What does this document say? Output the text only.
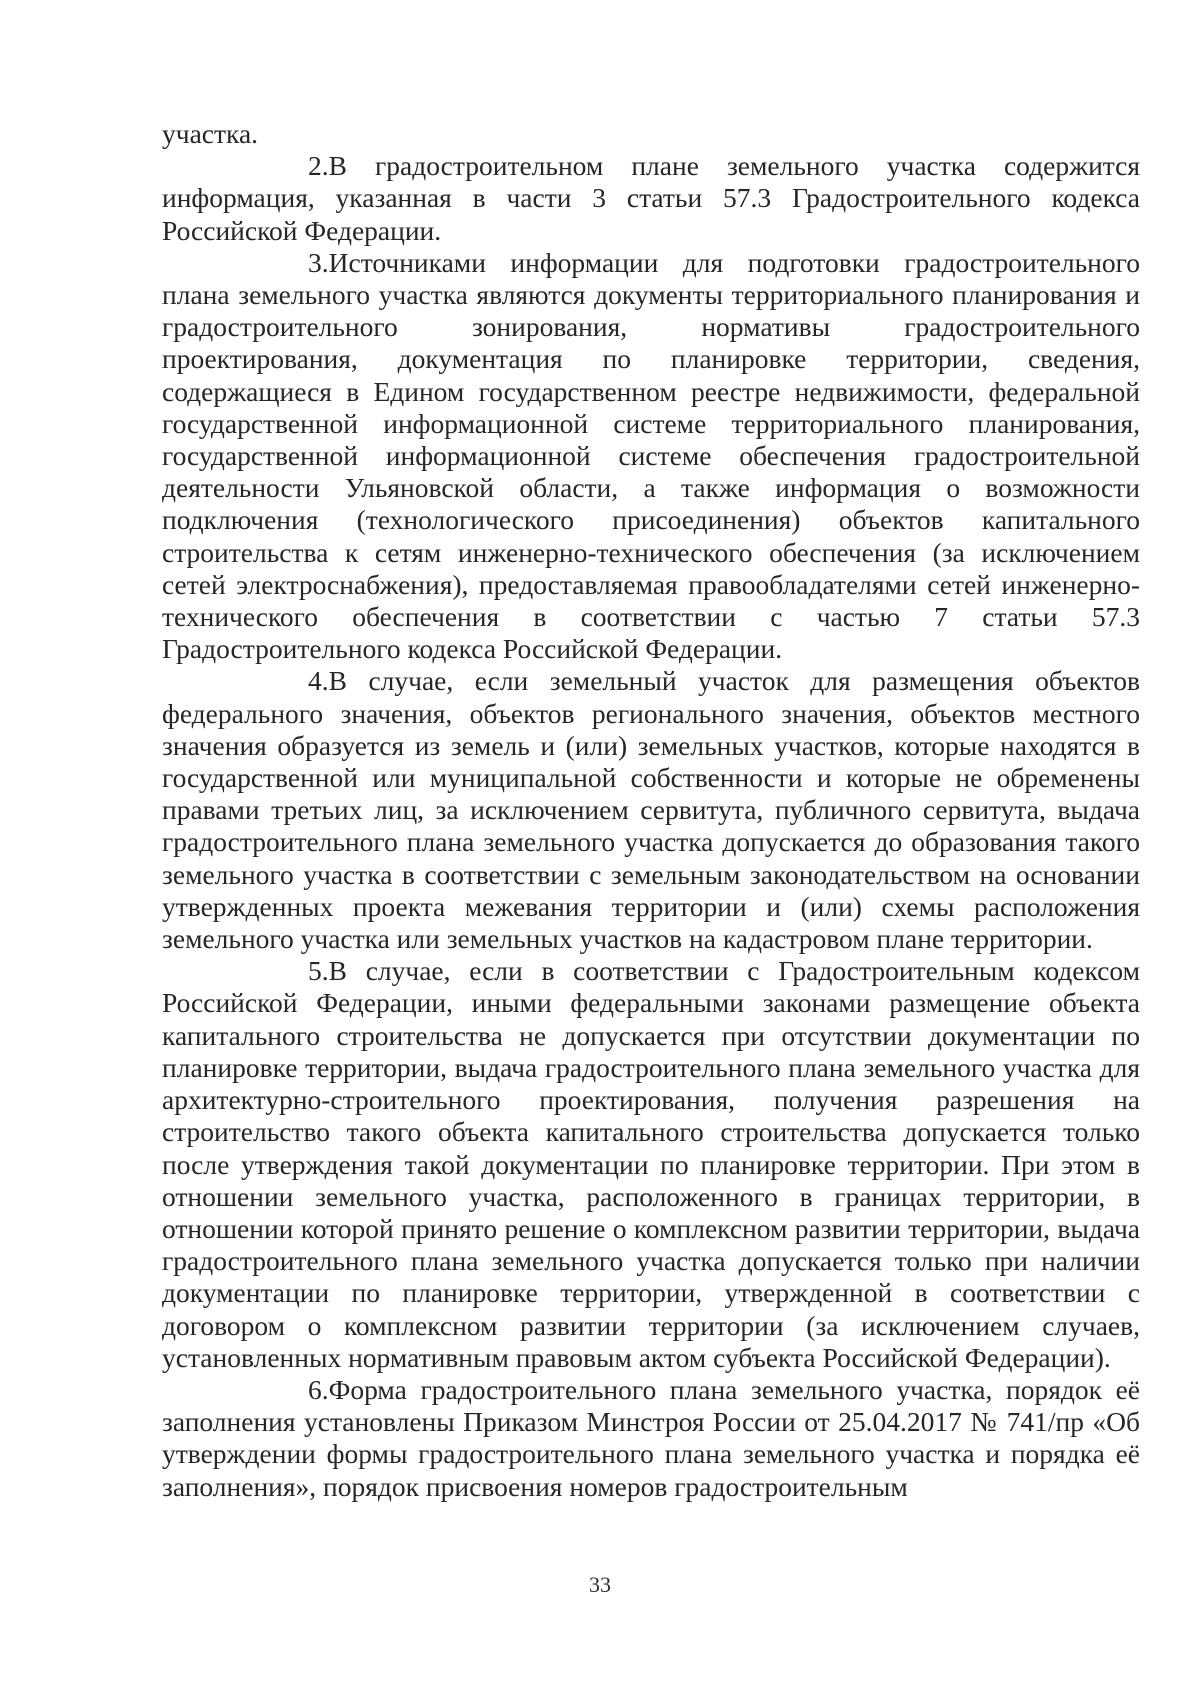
участка.

2.В градостроительном плане земельного участка содержится информация, указанная в части 3 статьи 57.3 Градостроительного кодекса Российской Федерации.

3.Источниками информации для подготовки градостроительного плана земельного участка являются документы территориального планирования и градостроительного зонирования, нормативы градостроительного проектирования, документация по планировке территории, сведения, содержащиеся в Едином государственном реестре недвижимости, федеральной государственной информационной системе территориального планирования, государственной информационной системе обеспечения градостроительной деятельности Ульяновской области, а также информация о возможности подключения (технологического присоединения) объектов капитального строительства к сетям инженерно-технического обеспечения (за исключением сетей электроснабжения), предоставляемая правообладателями сетей инженерно-технического обеспечения в соответствии с частью 7 статьи 57.3 Градостроительного кодекса Российской Федерации.

4.В случае, если земельный участок для размещения объектов федерального значения, объектов регионального значения, объектов местного значения образуется из земель и (или) земельных участков, которые находятся в государственной или муниципальной собственности и которые не обременены правами третьих лиц, за исключением сервитута, публичного сервитута, выдача градостроительного плана земельного участка допускается до образования такого земельного участка в соответствии с земельным законодательством на основании утвержденных проекта межевания территории и (или) схемы расположения земельного участка или земельных участков на кадастровом плане территории.

5.В случае, если в соответствии с Градостроительным кодексом Российской Федерации, иными федеральными законами размещение объекта капитального строительства не допускается при отсутствии документации по планировке территории, выдача градостроительного плана земельного участка для архитектурно-строительного проектирования, получения разрешения на строительство такого объекта капитального строительства допускается только после утверждения такой документации по планировке территории. При этом в отношении земельного участка, расположенного в границах территории, в отношении которой принято решение о комплексном развитии территории, выдача градостроительного плана земельного участка допускается только при наличии документации по планировке территории, утвержденной в соответствии с договором о комплексном развитии территории (за исключением случаев, установленных нормативным правовым актом субъекта Российской Федерации).

6.Форма градостроительного плана земельного участка, порядок её заполнения установлены Приказом Минстроя России от 25.04.2017 № 741/пр «Об утверждении формы градостроительного плана земельного участка и порядка её заполнения», порядок присвоения номеров градостроительным

33
